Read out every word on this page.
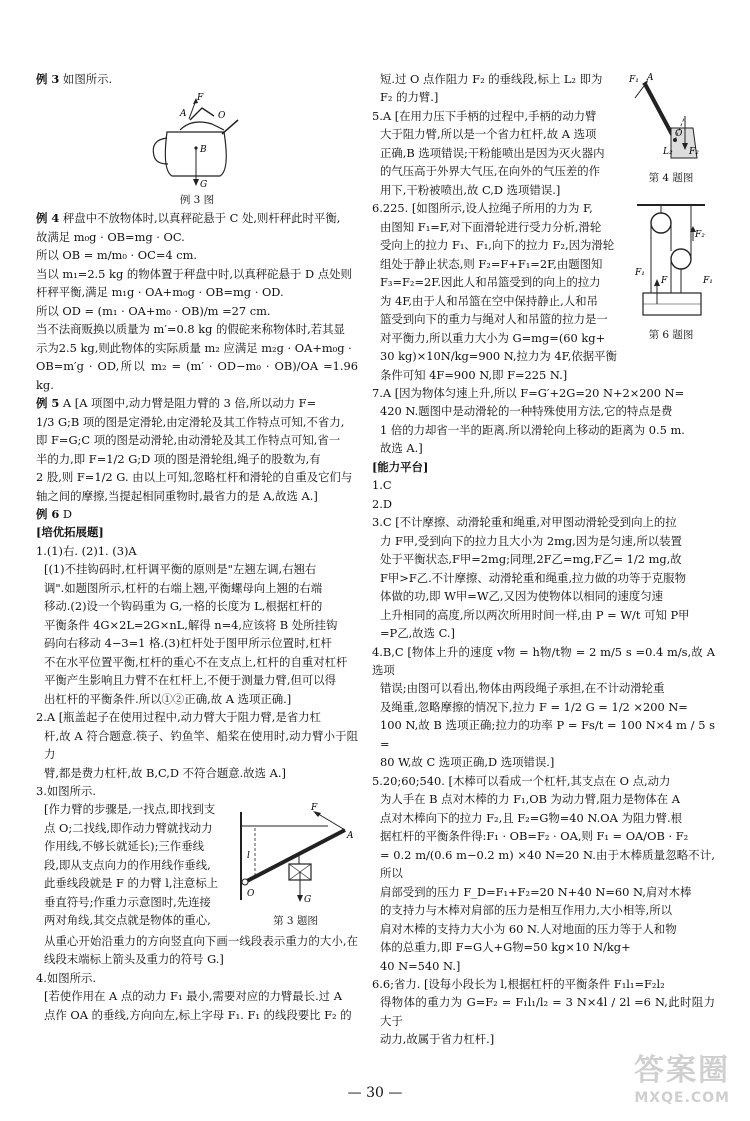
例 3 如图所示.

F
A	O
B
G
例 3 图

例 4 秤盘中不放物体时,以真秤砣悬于 C 处,则杆秤此时平衡,

故满足 m₀g · OB=mg · OC.

所以 OB = m/m₀ · OC=4 cm.

当以 m₁=2.5 kg 的物体置于秤盘中时,以真秤砣悬于 D 点处则

杆秤平衡,满足 m₁g · OA+m₀g · OB=mg · OD.

所以 OD = (m₁ · OA+m₀ · OB)/m =27 cm.

当不法商贩换以质量为 m′=0.8 kg 的假砣来称物体时,若其显

示为2.5 kg,则此物体的实际质量 m₂ 应满足 m₂g · OA+m₀g ·

OB=m′g · OD,所以 m₂ = (m′ · OD−m₀ · OB)/OA =1.96 kg.

例 5 A [A 项图中,动力臂是阻力臂的 3 倍,所以动力 F=

1/3 G;B 项的图是定滑轮,由定滑轮及其工作特点可知,不省力,

即 F=G;C 项的图是动滑轮,由动滑轮及其工作特点可知,省一

半的力,即 F=1/2 G;D 项的图是滑轮组,绳子的股数为,有

2 股,则 F=1/2 G. 由以上可知,忽略杠杆和滑轮的自重及它们与

轴之间的摩擦,当提起相同重物时,最省力的是 A,故选 A.]

例 6 D

[培优拓展题]

1.(1)右. (2)1. (3)A

[(1)不挂钩码时,杠杆调平衡的原则是"左翘左调,右翘右

调".如题图所示,杠杆的右端上翘,平衡螺母向上翘的右端

移动.(2)设一个钩码重为 G,一格的长度为 L,根据杠杆的

平衡条件 4G×2L=2G×nL,解得 n=4,应该将 B 处所挂钩

码向右移动 4−3=1 格.(3)杠杆处于图甲所示位置时,杠杆

不在水平位置平衡,杠杆的重心不在支点上,杠杆的自重对杠杆

平衡产生影响且力臂不在杠杆上,不便于测量力臂,但可以得

出杠杆的平衡条件.所以①②正确,故 A 选项正确.]

2.A [瓶盖起子在使用过程中,动力臂大于阻力臂,是省力杠

杆,故 A 符合题意.筷子、钓鱼竿、船桨在使用时,动力臂小于阻力

臂,都是费力杠杆,故 B,C,D 不符合题意.故选 A.]

3.如图所示.

F
A
l
O
G
第 3 题图

[作力臂的步骤是,一找点,即找到支

点 O;二找线,即作动力臂就找动力

作用线,不够长就延长);三作垂线

段,即从支点向力的作用线作垂线,

此垂线段就是 F 的力臂 l,注意标上

垂直符号;作重力示意图时,先连接

两对角线,其交点就是物体的重心,

从重心开始沿重力的方向竖直向下画一线段表示重力的大小,在线段末端标上箭头及重力的符号 G.]

4.如图所示.

[若使作用在 A 点的动力 F₁ 最小,需要对应的力臂最长.过 A

点作 OA 的垂线,方向向左,标上字母 F₁. F₁ 的线段要比 F₂ 的

F₁ A
L₂ F₂
O
第 4 题图

短.过 O 点作阻力 F₂ 的垂线段,标上 L₂ 即为

F₂ 的力臂.]

5.A [在用力压下手柄的过程中,手柄的动力臂

大于阻力臂,所以是一个省力杠杆,故 A 选项

正确,B 选项错误;干粉能喷出是因为灭火器内

的气压高于外界大气压,在向外的气压差的作

用下,干粉被喷出,故 C,D 选项错误.]

F₁
F₂
F	F₁
第 6 题图

6.225. [如图所示,设人拉绳子所用的力为 F,

由图知 F₁=F,对下面滑轮进行受力分析,滑轮

受向上的拉力 F₁、F₁,向下的拉力 F₂,因为滑轮

组处于静止状态,则 F₂=F+F₁=2F,由题图知

F₃=F₂=2F.因此人和吊篮受到的向上的拉力

为 4F,由于人和吊篮在空中保持静止,人和吊

篮受到向下的重力与绳对人和吊篮的拉力是一

对平衡力,所以重力大小为 G=mg=(60 kg+

30 kg)×10N/kg=900 N,拉力为 4F,依据平衡

条件可知 4F=900 N,即 F=225 N.]

7.A [因为物体匀速上升,所以 F=G′+2G=20 N+2×200 N=

420 N.题图中是动滑轮的一种特殊使用方法,它的特点是费

1 倍的力却省一半的距离.所以滑轮向上移动的距离为 0.5 m.

故选 A.]

[能力平台]

1.C

2.D

3.C [不计摩擦、动滑轮重和绳重,对甲图动滑轮受到向上的拉

力 F甲,受到向下的拉力且大小为 2mg,因为是匀速,所以装置

处于平衡状态,F甲=2mg;同理,2F乙=mg,F乙= 1/2 mg,故

F甲>F乙.不计摩擦、动滑轮重和绳重,拉力做的功等于克服物

体做的功,即 W甲=W乙,又因为使物体以相同的速度匀速

上升相同的高度,所以两次所用时间一样,由 P = W/t 可知 P甲

=P乙,故选 C.]

4.B,C [物体上升的速度 v物 = h物/t物 = 2 m/5 s =0.4 m/s,故 A 选项

错误;由图可以看出,物体由两段绳子承担,在不计动滑轮重

及绳重,忽略摩擦的情况下,拉力 F = 1/2 G = 1/2 ×200 N=

100 N,故 B 选项正确;拉力的功率 P = Fs/t = 100 N×4 m / 5 s =

80 W,故 C 选项正确,D 选项错误.]

5.20;60;540. [木棒可以看成一个杠杆,其支点在 O 点,动力

为人手在 B 点对木棒的力 F₁,OB 为动力臂,阻力是物体在 A

点对木棒向下的拉力 F₂,且 F₂=G物=40 N.OA 为阻力臂.根

据杠杆的平衡条件得:F₁ · OB=F₂ · OA,则 F₁ = OA/OB · F₂

= 0.2 m/(0.6 m−0.2 m) ×40 N=20 N.由于木棒质量忽略不计,所以

肩部受到的压力 F_D=F₁+F₂=20 N+40 N=60 N,肩对木棒

的支持力与木棒对肩部的压力是相互作用力,大小相等,所以

肩对木棒的支持力大小为 60 N.人对地面的压力等于人和物

体的总重力,即 F=G人+G物=50 kg×10 N/kg+

40 N=540 N.]

6.6;省力. [设每小段长为 l,根据杠杆的平衡条件 F₁l₁=F₂l₂

得物体的重力为 G=F₂ = F₁l₁/l₂ = 3 N×4l / 2l =6 N,此时阻力大于

动力,故属于省力杠杆.]

— 30 —
答案圈
MXQE.COM
